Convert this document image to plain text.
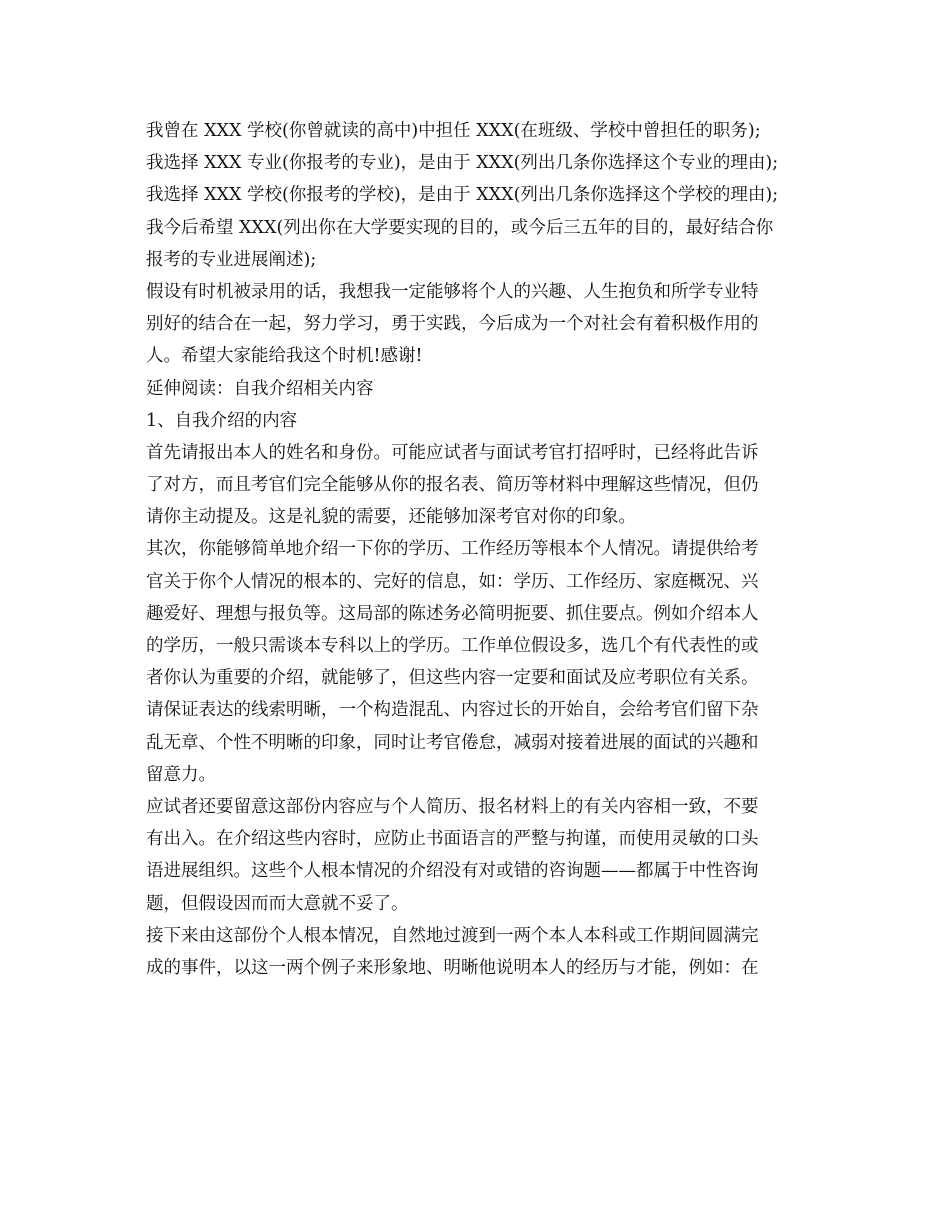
我曾在 XXX 学校(你曾就读的高中)中担任 XXX(在班级、学校中曾担任的职务);
我选择 XXX 专业(你报考的专业)，是由于 XXX(列出几条你选择这个专业的理由);
我选择 XXX 学校(你报考的学校)，是由于 XXX(列出几条你选择这个学校的理由);
我今后希望 XXX(列出你在大学要实现的目的，或今后三五年的目的，最好结合你
报考的专业进展阐述);
假设有时机被录用的话，我想我一定能够将个人的兴趣、人生抱负和所学专业特
别好的结合在一起，努力学习，勇于实践，今后成为一个对社会有着积极作用的
人。希望大家能给我这个时机!感谢!
延伸阅读：自我介绍相关内容
1、自我介绍的内容
首先请报出本人的姓名和身份。可能应试者与面试考官打招呼时，已经将此告诉
了对方，而且考官们完全能够从你的报名表、简历等材料中理解这些情况，但仍
请你主动提及。这是礼貌的需要，还能够加深考官对你的印象。
其次，你能够简单地介绍一下你的学历、工作经历等根本个人情况。请提供给考
官关于你个人情况的根本的、完好的信息，如：学历、工作经历、家庭概况、兴
趣爱好、理想与报负等。这局部的陈述务必简明扼要、抓住要点。例如介绍本人
的学历，一般只需谈本专科以上的学历。工作单位假设多，选几个有代表性的或
者你认为重要的介绍，就能够了，但这些内容一定要和面试及应考职位有关系。
请保证表达的线索明晰，一个构造混乱、内容过长的开始自，会给考官们留下杂
乱无章、个性不明晰的印象，同时让考官倦怠，减弱对接着进展的面试的兴趣和
留意力。
应试者还要留意这部份内容应与个人简历、报名材料上的有关内容相一致，不要
有出入。在介绍这些内容时，应防止书面语言的严整与拘谨，而使用灵敏的口头
语进展组织。这些个人根本情况的介绍没有对或错的咨询题——都属于中性咨询
题，但假设因而而大意就不妥了。
接下来由这部份个人根本情况，自然地过渡到一两个本人本科或工作期间圆满完
成的事件，以这一两个例子来形象地、明晰他说明本人的经历与才能，例如：在
